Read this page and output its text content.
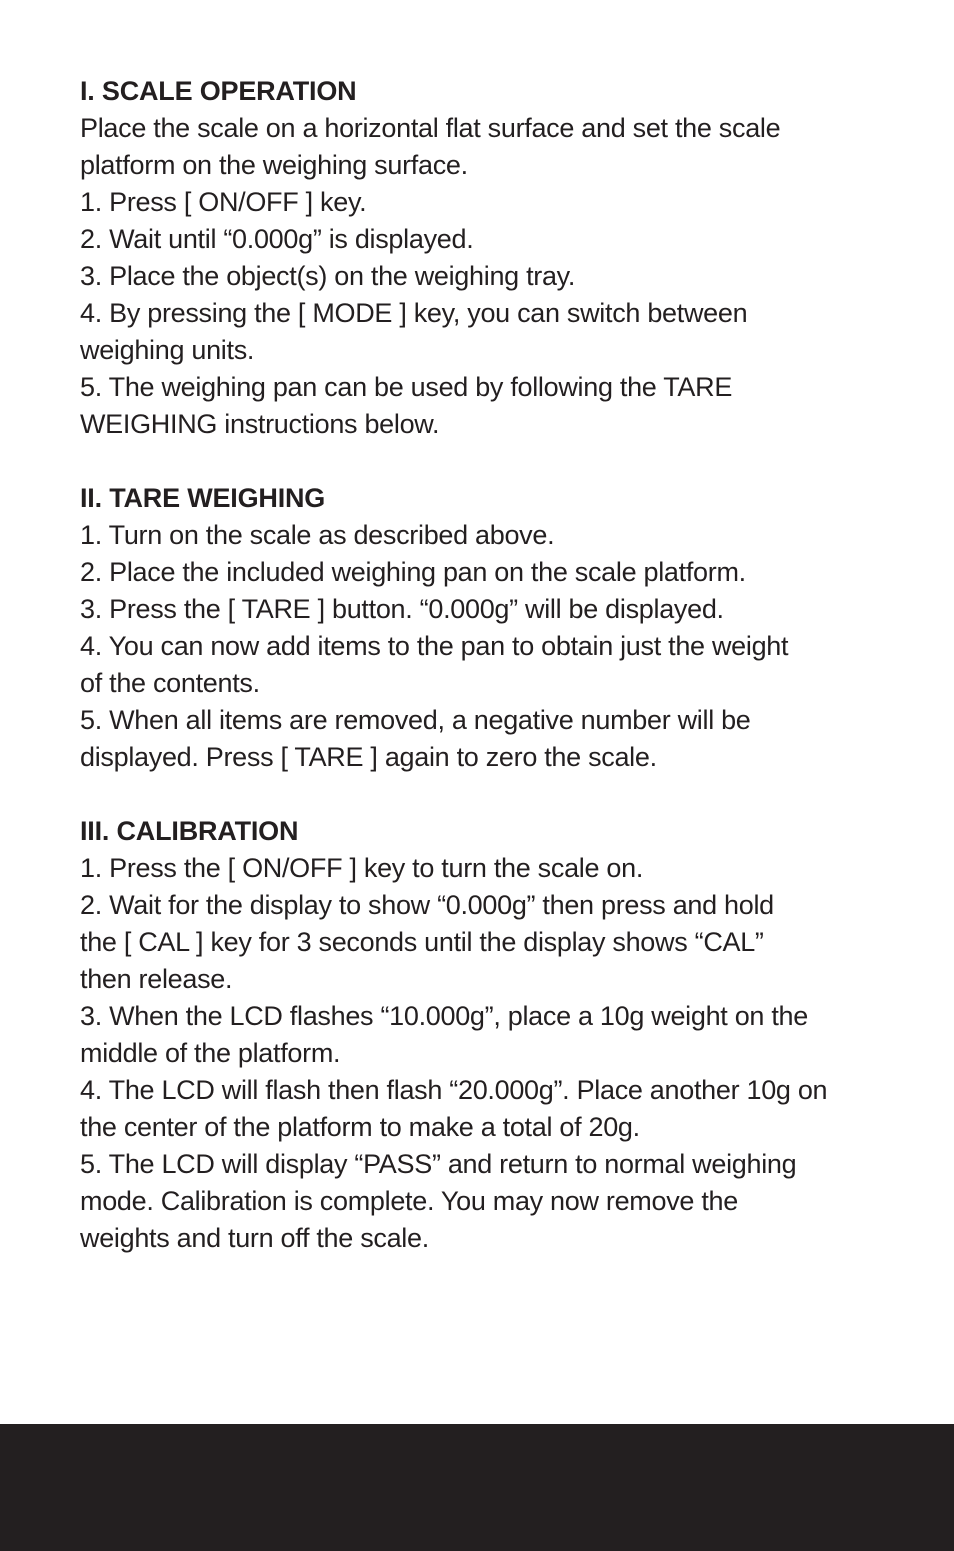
I. SCALE OPERATION

Place the scale on a horizontal flat surface and set the scale

platform on the weighing surface.

1. Press [ ON/OFF ] key.

2. Wait until “0.000g” is displayed.

3. Place the object(s) on the weighing tray.

4. By pressing the [ MODE ] key, you can switch between

weighing units.

5. The weighing pan can be used by following the TARE

WEIGHING instructions below.

II. TARE WEIGHING

1. Turn on the scale as described above.

2. Place the included weighing pan on the scale platform.

3. Press the [ TARE ] button. “0.000g” will be displayed.

4. You can now add items to the pan to obtain just the weight

of the contents.

5. When all items are removed, a negative number will be

displayed. Press [ TARE ] again to zero the scale.

III. CALIBRATION

1. Press the [ ON/OFF ] key to turn the scale on.

2. Wait for the display to show “0.000g” then press and hold

the [ CAL ] key for 3 seconds until the display shows “CAL”

then release.

3. When the LCD flashes “10.000g”, place a 10g weight on the

middle of the platform.

4. The LCD will flash then flash “20.000g”. Place another 10g on

the center of the platform to make a total of 20g.

5. The LCD will display “PASS” and return to normal weighing

mode. Calibration is complete. You may now remove the

weights and turn off the scale.
